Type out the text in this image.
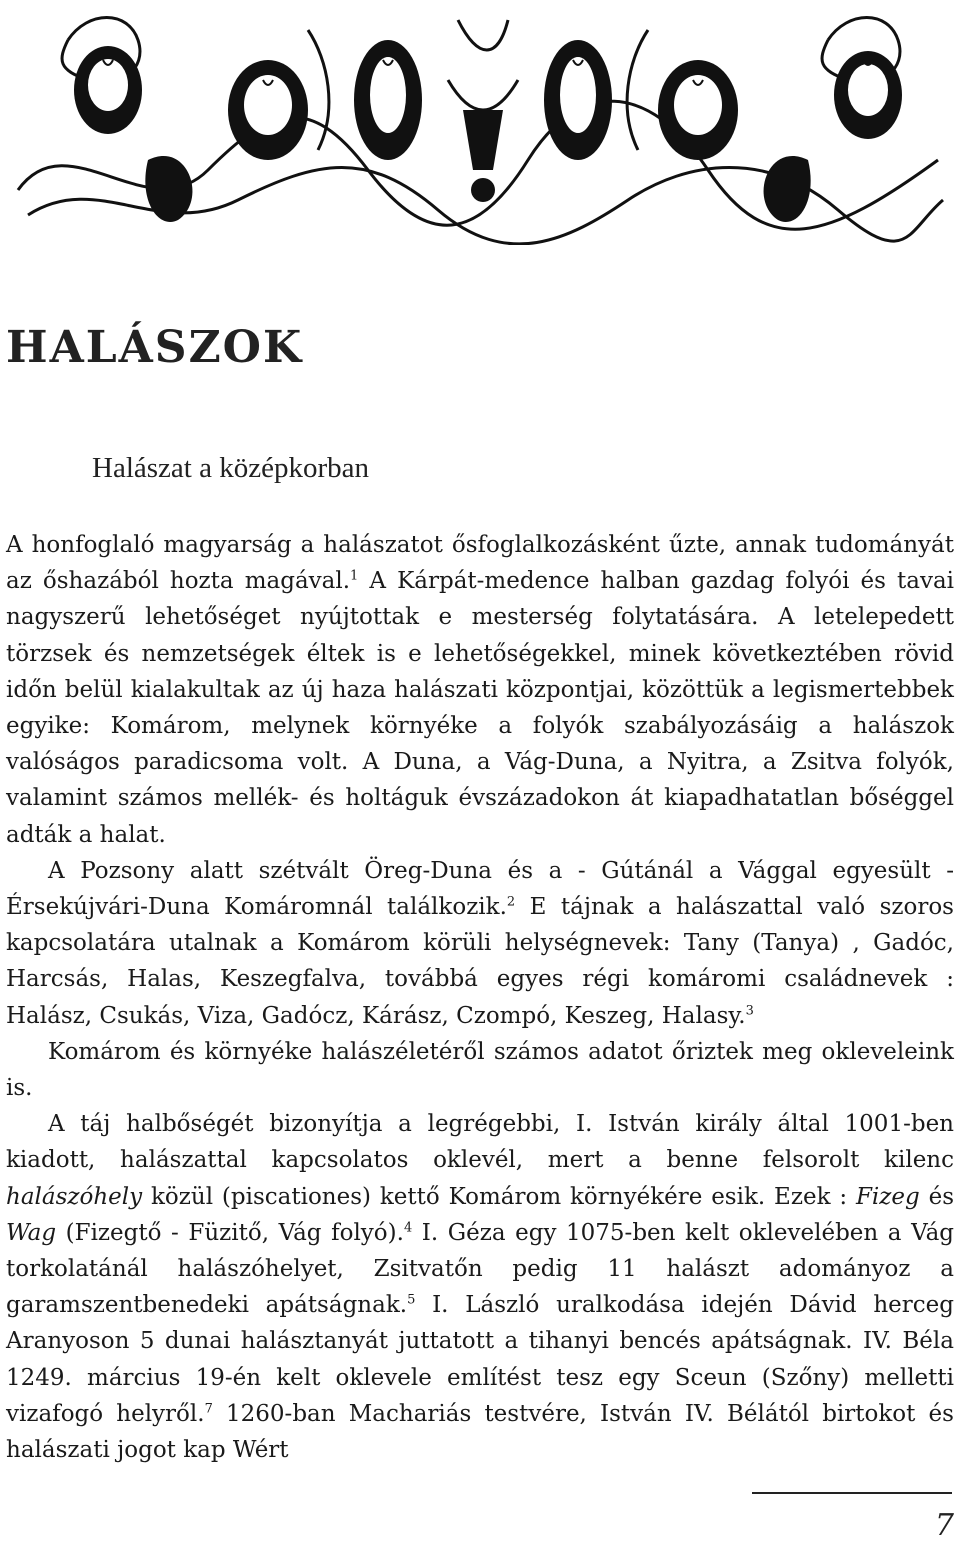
HALÁSZOK
Halászat a középkorban

A honfoglaló magyarság a halászatot ősfoglalkozásként űzte, annak tudományát az őshazából hozta magával.$^1$ A Kárpát-medence halban gazdag folyói és tavai nagyszerű lehetőséget nyújtottak e mesterség folytatására. A letelepedett törzsek és nemzetségek éltek is e lehetőségekkel, minek következtében rövid időn belül kialakultak az új haza halászati központjai, közöttük a legismertebbek egyike: Komárom, melynek környéke a folyók szabályozásáig a halászok valóságos paradicsoma volt. A Duna, a Vág-Duna, a Nyitra, a Zsitva folyók, valamint számos mellék- és holtáguk évszázadokon át kiapadhatatlan bőséggel adták a halat.

A Pozsony alatt szétvált Öreg-Duna és a - Gútánál a Vággal egyesült - Érsekújvári-Duna Komáromnál találkozik.$^2$ E tájnak a halászattal való szoros kapcsolatára utalnak a Komárom körüli helységnevek: Tany (Tanya) , Gadóc, Harcsás, Halas, Keszegfalva, továbbá egyes régi komáromi családnevek : Halász, Csukás, Viza, Gadócz, Kárász, Czompó, Keszeg, Halasy.$^3$

Komárom és környéke halászéletéről számos adatot őriztek meg okleveleink is.

A táj halbőségét bizonyítja a legrégebbi, I. István király által 1001-ben kiadott, halászattal kapcsolatos oklevél, mert a benne felsorolt kilenc halászóhely közül (piscationes) kettő Komárom környékére esik. Ezek : Fizeg és Wag (Fizegtő - Füzitő, Vág folyó).$^4$ I. Géza egy 1075-ben kelt oklevelében a Vág torkolatánál halászóhelyet, Zsitvatőn pedig 11 halászt adományoz a garamszentbenedeki apátságnak.$^5$ I. László uralkodása idején Dávid herceg Aranyoson 5 dunai halásztanyát juttatott a tihanyi bencés apátságnak. IV. Béla 1249. március 19-én kelt oklevele említést tesz egy Sceun (Szőny) melletti vizafogó helyről.$^7$ 1260-ban Machariás testvére, István IV. Bélától birtokot és halászati jogot kap Wért

7
